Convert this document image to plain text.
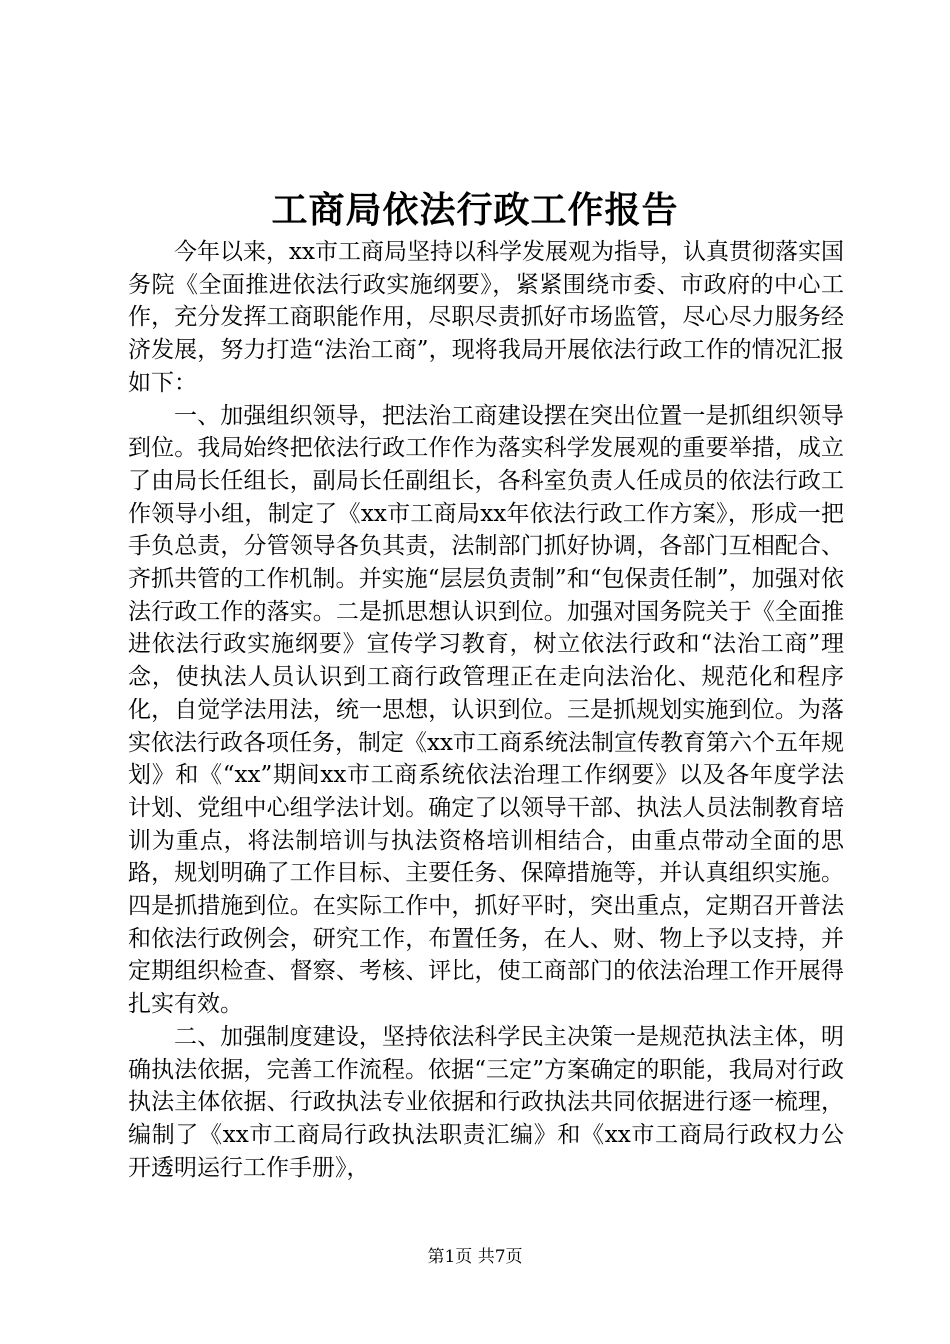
工商局依法行政工作报告

今年以来，xx市工商局坚持以科学发展观为指导，认真贯彻落实国务院《全面推进依法行政实施纲要》，紧紧围绕市委、市政府的中心工作，充分发挥工商职能作用，尽职尽责抓好市场监管，尽心尽力服务经济发展，努力打造“法治工商”，现将我局开展依法行政工作的情况汇报如下：

一、加强组织领导，把法治工商建设摆在突出位置一是抓组织领导到位。我局始终把依法行政工作作为落实科学发展观的重要举措，成立了由局长任组长，副局长任副组长，各科室负责人任成员的依法行政工作领导小组，制定了《xx市工商局xx年依法行政工作方案》，形成一把手负总责，分管领导各负其责，法制部门抓好协调，各部门互相配合、齐抓共管的工作机制。并实施“层层负责制”和“包保责任制”，加强对依法行政工作的落实。二是抓思想认识到位。加强对国务院关于《全面推进依法行政实施纲要》宣传学习教育，树立依法行政和“法治工商”理念，使执法人员认识到工商行政管理正在走向法治化、规范化和程序化，自觉学法用法，统一思想，认识到位。三是抓规划实施到位。为落实依法行政各项任务，制定《xx市工商系统法制宣传教育第六个五年规划》和《“xx”期间xx市工商系统依法治理工作纲要》以及各年度学法计划、党组中心组学法计划。确定了以领导干部、执法人员法制教育培训为重点，将法制培训与执法资格培训相结合，由重点带动全面的思路，规划明确了工作目标、主要任务、保障措施等，并认真组织实施。四是抓措施到位。在实际工作中，抓好平时，突出重点，定期召开普法和依法行政例会，研究工作，布置任务，在人、财、物上予以支持，并定期组织检查、督察、考核、评比，使工商部门的依法治理工作开展得扎实有效。

二、加强制度建设，坚持依法科学民主决策一是规范执法主体，明确执法依据，完善工作流程。依据“三定”方案确定的职能，我局对行政执法主体依据、行政执法专业依据和行政执法共同依据进行逐一梳理，编制了《xx市工商局行政执法职责汇编》和《xx市工商局行政权力公开透明运行工作手册》，

第1页 共7页
